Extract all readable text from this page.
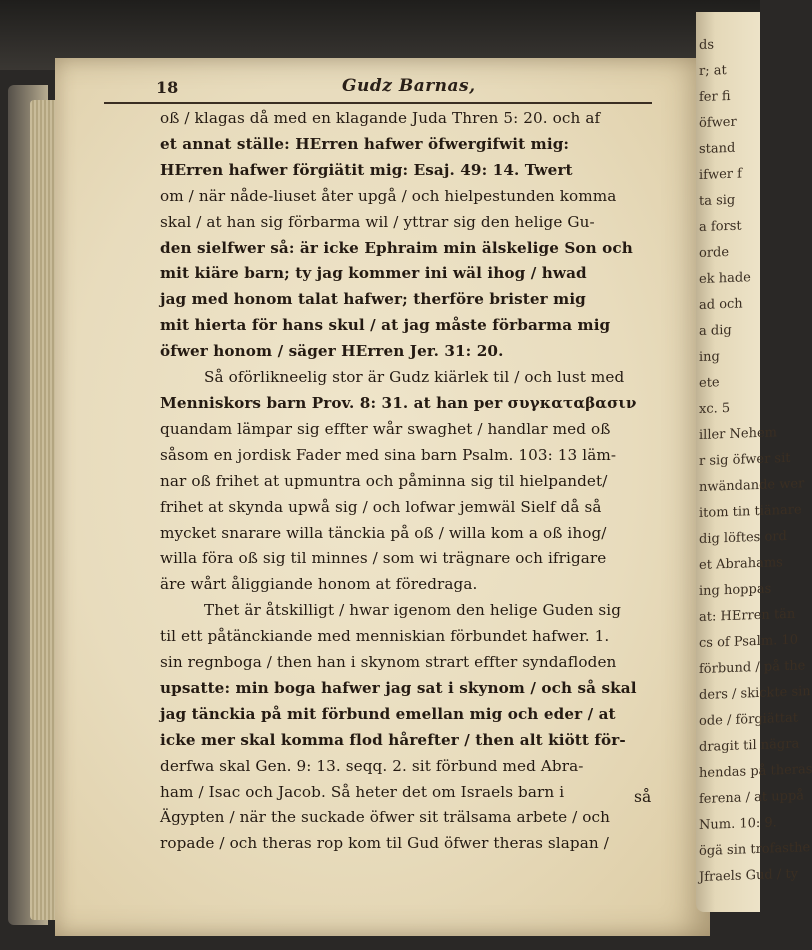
ds
r; at
fer fi
öfwer
stand
ifwer f
ta sig
a forst
orde
ek hade
ad och
a dig
ing
ete
xc. 5
iller Nehem
r sig öfwer sit
nwändande wer
itom tin tiänare
dig löftes ord
et Abrahams
ing hoppas
at: HErren tän
cs of Psalm. 10
förbund / på the
ders / skickte sin
ode / förgiättat
dragit til nägra
hendas på theras
ferena / at uppå
Num. 10: 9.
ögä sin trofasthe
Jfraels Gud / ty
18	Gudz Barnas,
oß / klagas då med en klagande Juda Thren 5: 20. och af
et annat ställe: HErren hafwer öfwergifwit mig:
HErren hafwer förgiätit mig: Esaj. 49: 14. Twert
om / när nåde-liuset åter upgå / och hielpestunden komma
skal / at han sig förbarma wil / yttrar sig den helige Gu-
den sielfwer så: är icke Ephraim min älskelige Son och
mit kiäre barn; ty jag kommer ini wäl ihog / hwad
jag med honom talat hafwer; therföre brister mig
mit hierta för hans skul / at jag måste förbarma mig
öfwer honom / säger HErren Jer. 31: 20.
Så oförlikneelig stor är Gudz kiärlek til / och lust med
Menniskors barn Prov. 8: 31. at han per συγκαταβασιν
quandam lämpar sig effter wår swaghet / handlar med oß
såsom en jordisk Fader med sina barn Psalm. 103: 13 läm-
nar oß frihet at upmuntra och påminna sig til hielpandet/
frihet at skynda upwå sig / och lofwar jemwäl Sielf då så
mycket snarare willa tänckia på oß / willa kom a oß ihog/
willa föra oß sig til minnes / som wi trägnare och ifrigare
äre wårt åliggiande honom at föredraga.
Thet är åtskilligt / hwar igenom den helige Guden sig
til ett påtänckiande med menniskian förbundet hafwer. 1.
sin regnboga / then han i skynom strart effter syndafloden
upsatte: min boga hafwer jag sat i skynom / och så skal
jag tänckia på mit förbund emellan mig och eder / at
icke mer skal komma flod hårefter / then alt kiött för-
derfwa skal Gen. 9: 13. seqq. 2. sit förbund med Abra-
ham / Isac och Jacob. Så heter det om Israels barn i
Ägypten / när the suckade öfwer sit trälsama arbete / och
ropade / och theras rop kom til Gud öfwer theras slapan /
så
